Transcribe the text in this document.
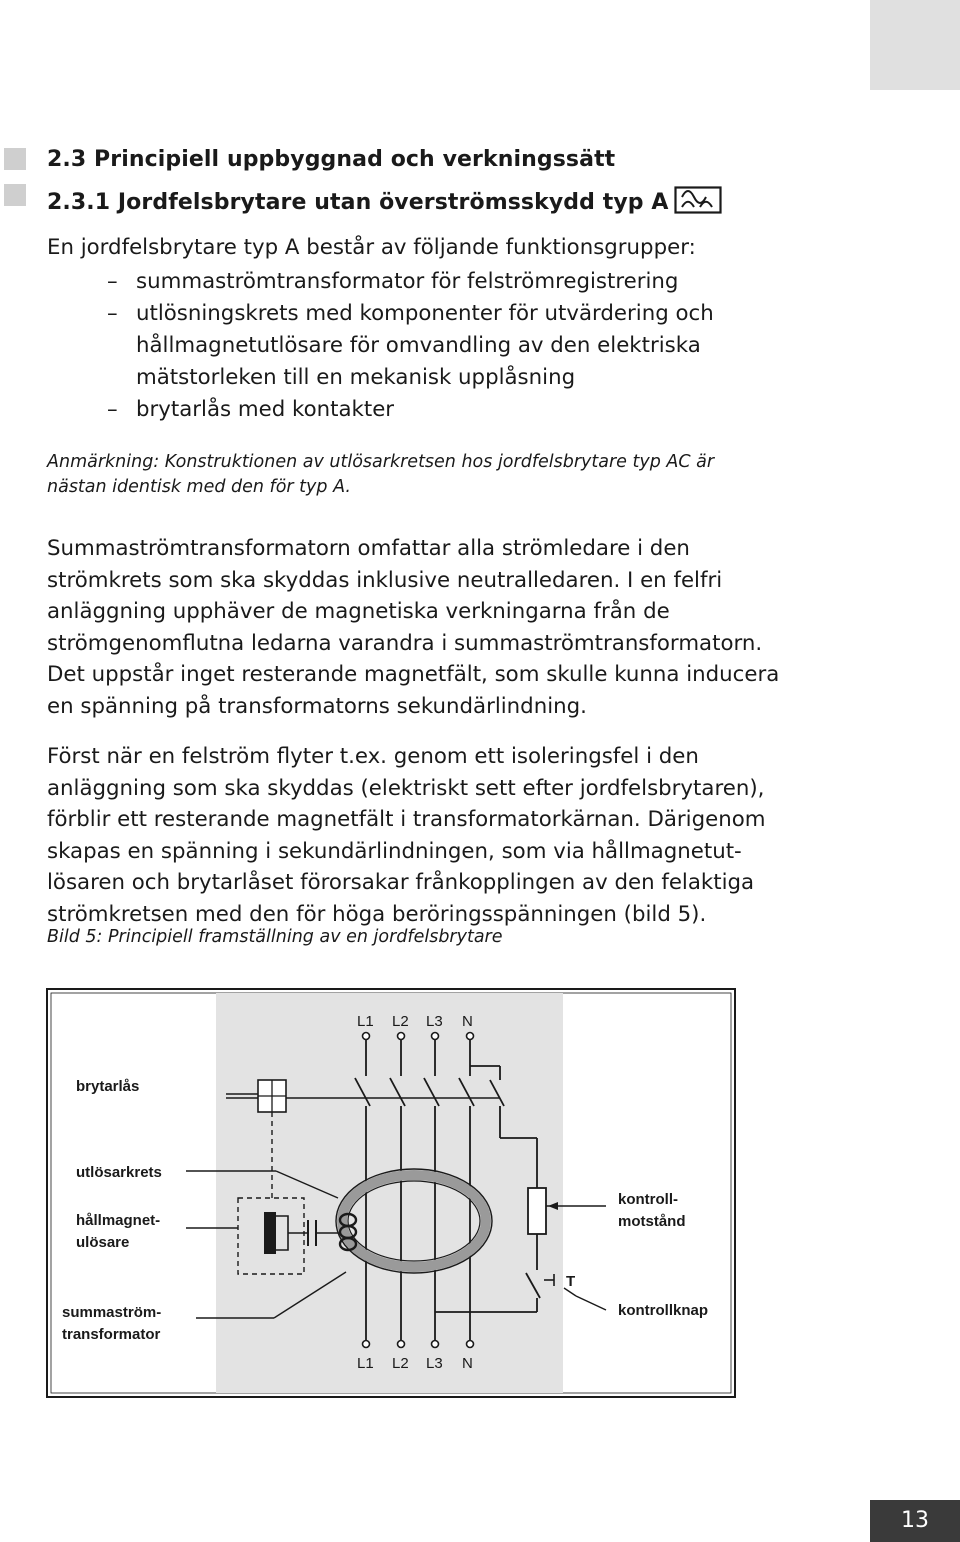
2.3 Principiell uppbyggnad och verkningssätt
2.3.1 Jordfelsbrytare utan överströmsskydd typ A

En jordfelsbrytare typ A består av följande funktionsgrupper:

– summaströmtransformator för felströmregistrering
– utlösningskrets med komponenter för utvärdering och
hållmagnetutlösare för omvandling av den elektriska
mätstorleken till en mekanisk upplåsning
– brytarlås med kontakter

Anmärkning: Konstruktionen av utlösarkretsen hos jordfelsbrytare typ AC är
nästan identisk med den för typ A.

Summaströmtransformatorn omfattar alla strömledare i den
strömkrets som ska skyddas inklusive neutralledaren. I en felfri
anläggning upphäver de magnetiska verkningarna från de
strömgenomflutna ledarna varandra i summaströmtransformatorn.
Det uppstår inget resterande magnetfält, som skulle kunna inducera
en spänning på transformatorns sekundärlindning.

Först när en felström flyter t.ex. genom ett isoleringsfel i den
anläggning som ska skyddas (elektriskt sett efter jordfelsbrytaren),
förblir ett resterande magnetfält i transformatorkärnan. Därigenom
skapas en spänning i sekundärlindningen, som via hållmagnetut-
lösaren och brytarlåset förorsakar frånkopplingen av den felaktiga
strömkretsen med den för höga beröringsspänningen (bild 5).

Bild 5: Principiell framställning av en jordfelsbrytare

L1 L2 L3 N
L1 L2 L3 N
T
brytarlås
utlösarkrets
hållmagnet-
ulösare
summaström-
transformator
kontroll-
motstånd
kontrollknap
13
